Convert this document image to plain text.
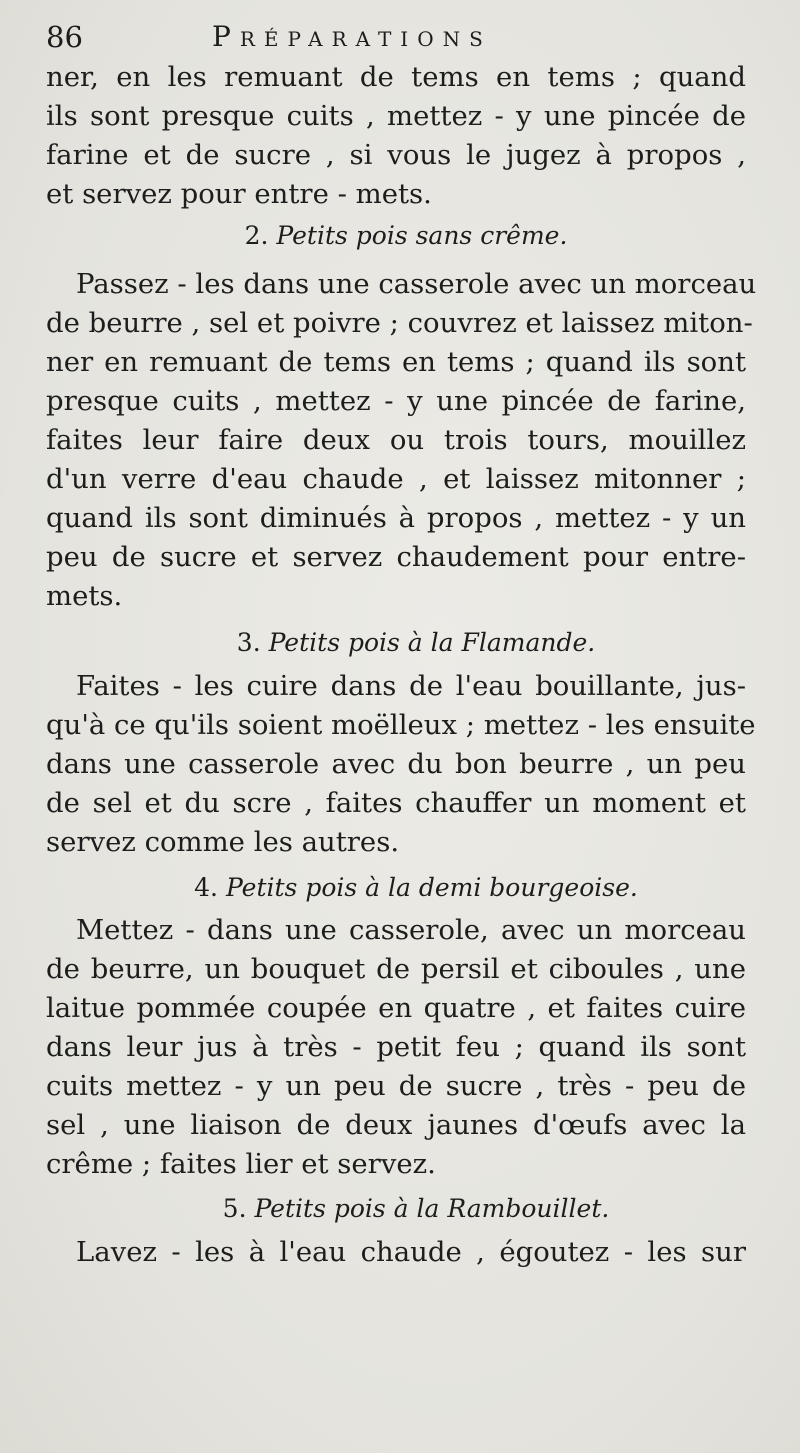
86	Préparations
ner, en les remuant de tems en tems ; quand
ils sont presque cuits , mettez - y une pincée de
farine et de sucre , si vous le jugez à propos ,
et servez pour entre - mets.
2. Petits pois sans crême.
Passez - les dans une casserole avec un morceau
de beurre , sel et poivre ; couvrez et laissez miton-
ner en remuant de tems en tems ; quand ils sont
presque cuits , mettez - y une pincée de farine,
faites leur faire deux ou trois tours, mouillez
d'un verre d'eau chaude , et laissez mitonner ;
quand ils sont diminués à propos , mettez - y un
peu de sucre et servez chaudement pour entre-
mets.
3. Petits pois à la Flamande.
Faites - les cuire dans de l'eau bouillante, jus-
qu'à ce qu'ils soient moëlleux ; mettez - les ensuite
dans une casserole avec du bon beurre , un peu
de sel et du scre , faites chauffer un moment et
servez comme les autres.
4. Petits pois à la demi bourgeoise.
Mettez - dans une casserole, avec un morceau
de beurre, un bouquet de persil et ciboules , une
laitue pommée coupée en quatre , et faites cuire
dans leur jus à très - petit feu ; quand ils sont
cuits mettez - y un peu de sucre , très - peu de
sel , une liaison de deux jaunes d'œufs avec la
crême ; faites lier et servez.
5. Petits pois à la Rambouillet.
Lavez - les à l'eau chaude , égoutez - les sur
